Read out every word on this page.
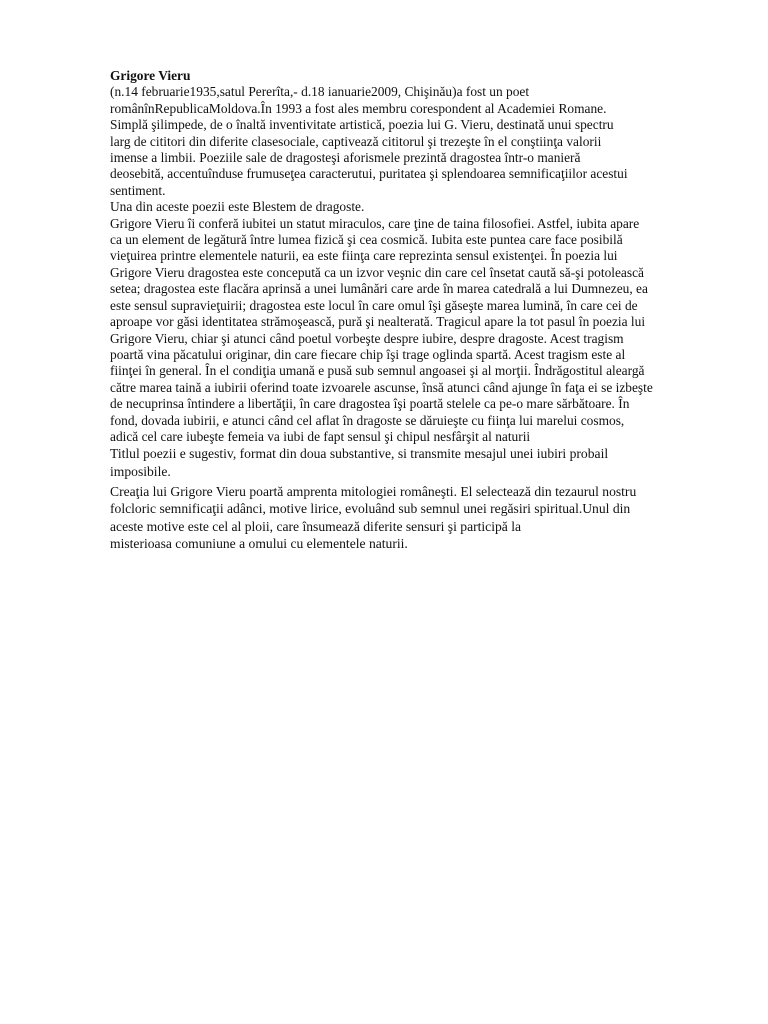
Grigore Vieru
(n.14 februarie1935,satul Pererîta,- d.18 ianuarie2009, Chişinău)a fost un poet
românînRepublicaMoldova.În 1993 a fost ales membru corespondent al Academiei Romane.
Simplă şilimpede, de o înaltă inventivitate artistică, poezia lui G. Vieru, destinată unui spectru
larg de cititori din diferite clasesociale, captivează cititorul şi trezeşte în el conştiinţa valorii
imense a limbii. Poeziile sale de dragosteşi aforismele prezintă dragostea într-o manieră
deosebită, accentuînduse frumuseţea caracterutui, puritatea şi splendoarea semnificaţiilor acestui
sentiment.
Una din aceste poezii este Blestem de dragoste.
Grigore Vieru îi conferă iubitei un statut miraculos, care ţine de taina filosofiei. Astfel, iubita apare
ca un element de legătură între lumea fizică şi cea cosmică. Iubita este puntea care face posibilă
vieţuirea printre elementele naturii, ea este fiinţa care reprezinta sensul existenţei. În poezia lui
Grigore Vieru dragostea este concepută ca un izvor veşnic din care cel însetat caută să-şi potolească
setea; dragostea este flacăra aprinsă a unei lumânări care arde în marea catedrală a lui Dumnezeu, ea
este sensul supravieţuirii; dragostea este locul în care omul îşi găseşte marea lumină, în care cei de
aproape vor găsi identitatea strămoşească, pură şi nealterată. Tragicul apare la tot pasul în poezia lui
Grigore Vieru, chiar şi atunci când poetul vorbeşte despre iubire, despre dragoste. Acest tragism
poartă vina păcatului originar, din care fiecare chip îşi trage oglinda spartă. Acest tragism este al
fiinţei în general. În el condiţia umană e pusă sub semnul angoasei şi al morţii. Îndrăgostitul aleargă
către marea taină a iubirii oferind toate izvoarele ascunse, însă atunci când ajunge în faţa ei se izbeşte
de necuprinsa întindere a libertăţii, în care dragostea îşi poartă stelele ca pe-o mare sărbătoare. În
fond, dovada iubirii, e atunci când cel aflat în dragoste se dăruieşte cu fiinţa lui marelui cosmos,
adică cel care iubeşte femeia va iubi de fapt sensul şi chipul nesfârşit al naturii
Titlul poezii e sugestiv, format din doua substantive, si transmite mesajul unei iubiri probail
imposibile.
Creaţia lui Grigore Vieru poartă amprenta mitologiei româneşti. El selectează din tezaurul nostru
folcloric semnificaţii adânci, motive lirice, evoluând sub semnul unei regăsiri spiritual.Unul din
aceste motive este cel al ploii, care însumează diferite sensuri şi participă la
misterioasa comuniune a omului cu elementele naturii.
